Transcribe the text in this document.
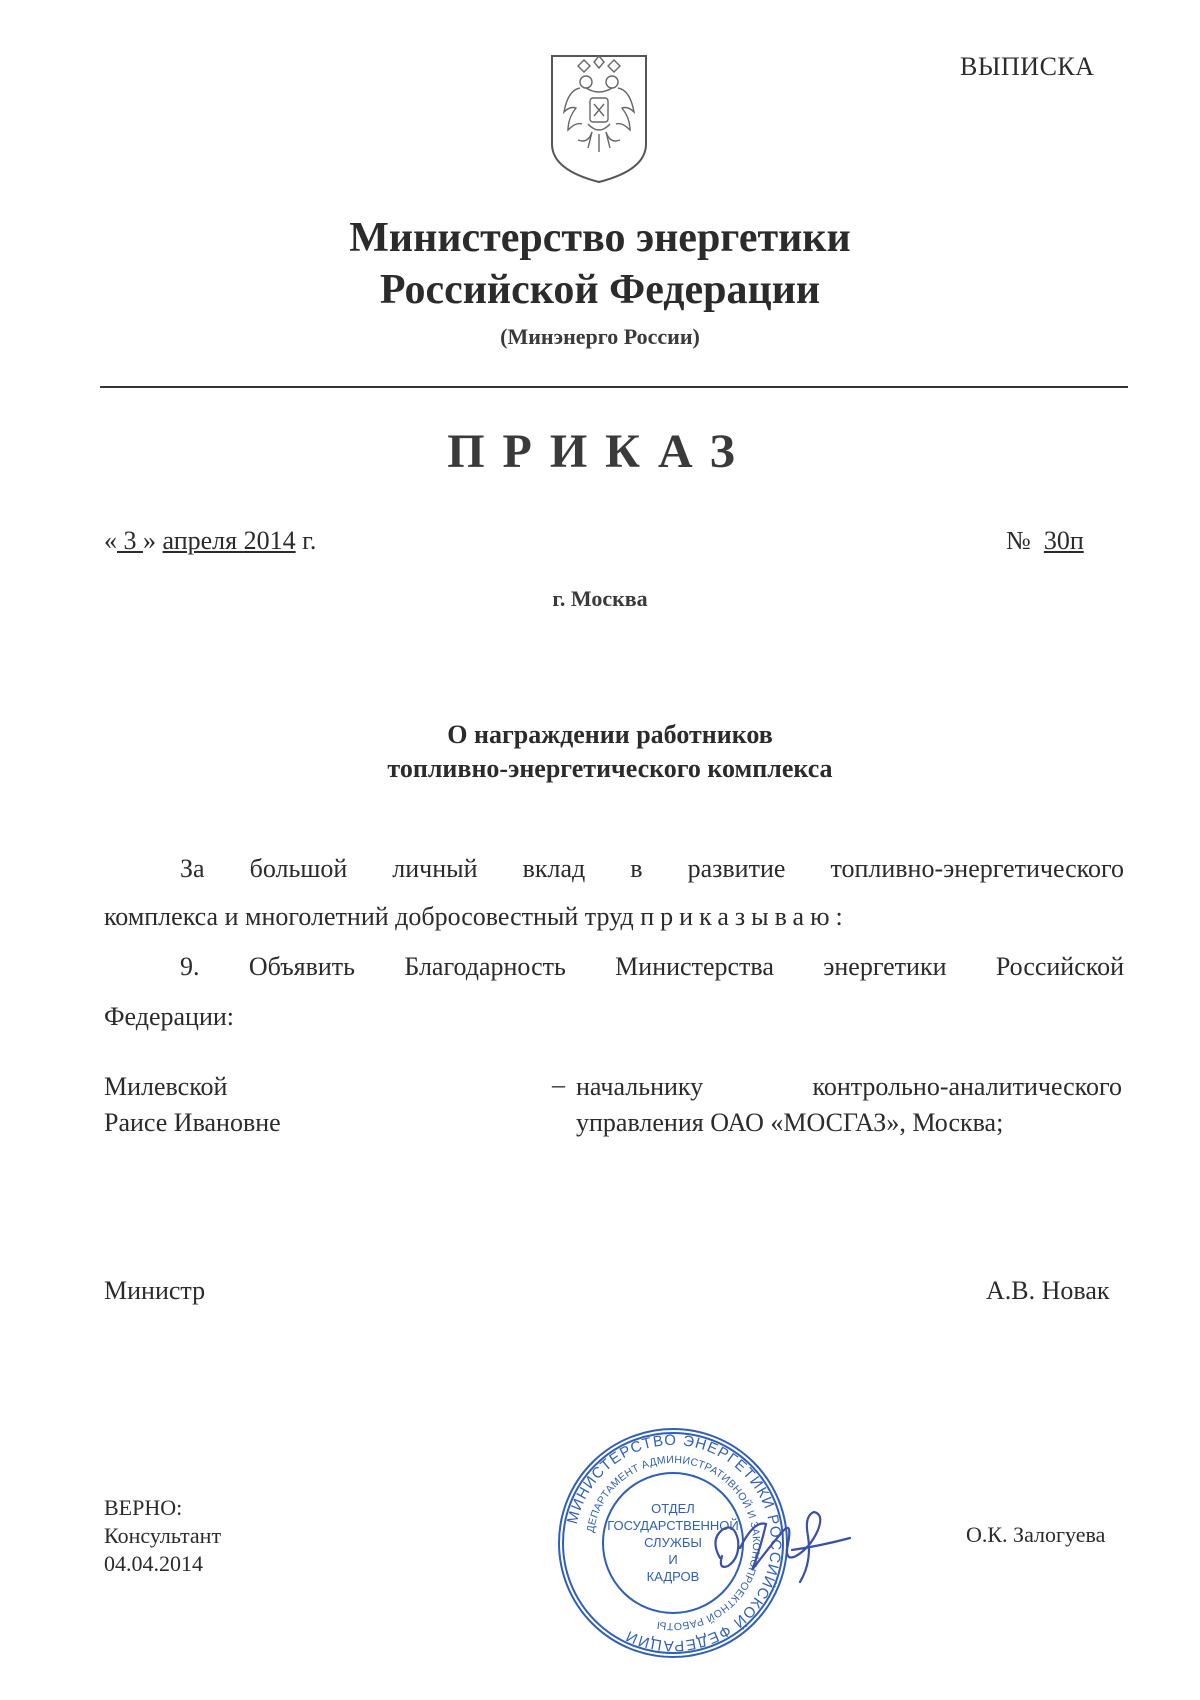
ВЫПИСКА
Министерство энергетики
Российской Федерации
(Минэнерго России)
ПРИКАЗ
« 3 » апреля 2014 г.	№ 30п
г. Москва
О награждении работников
топливно-энергетического комплекса
За большой личный вклад в развитие топливно-энергетического
комплекса и многолетний добросовестный труд приказываю:
9. Объявить Благодарность Министерства энергетики Российской
Федерации:
Милевской
Раисе Ивановне
– начальнику контрольно-аналитического
управления ОАО «МОСГАЗ», Москва;
Министр	А.В. Новак
ВЕРНО:
Консультант
04.04.2014
О.К. Залогуева
МИНИСТЕРСТВО ЭНЕРГЕТИКИ РОССИЙСКОЙ ФЕДЕРАЦИИ
ДЕПАРТАМЕНТ АДМИНИСТРАТИВНОЙ И ЗАКОНОПРОЕКТНОЙ РАБОТЫ
ОТДЕЛ
ГОСУДАРСТВЕННОЙ
СЛУЖБЫ
И
КАДРОВ
